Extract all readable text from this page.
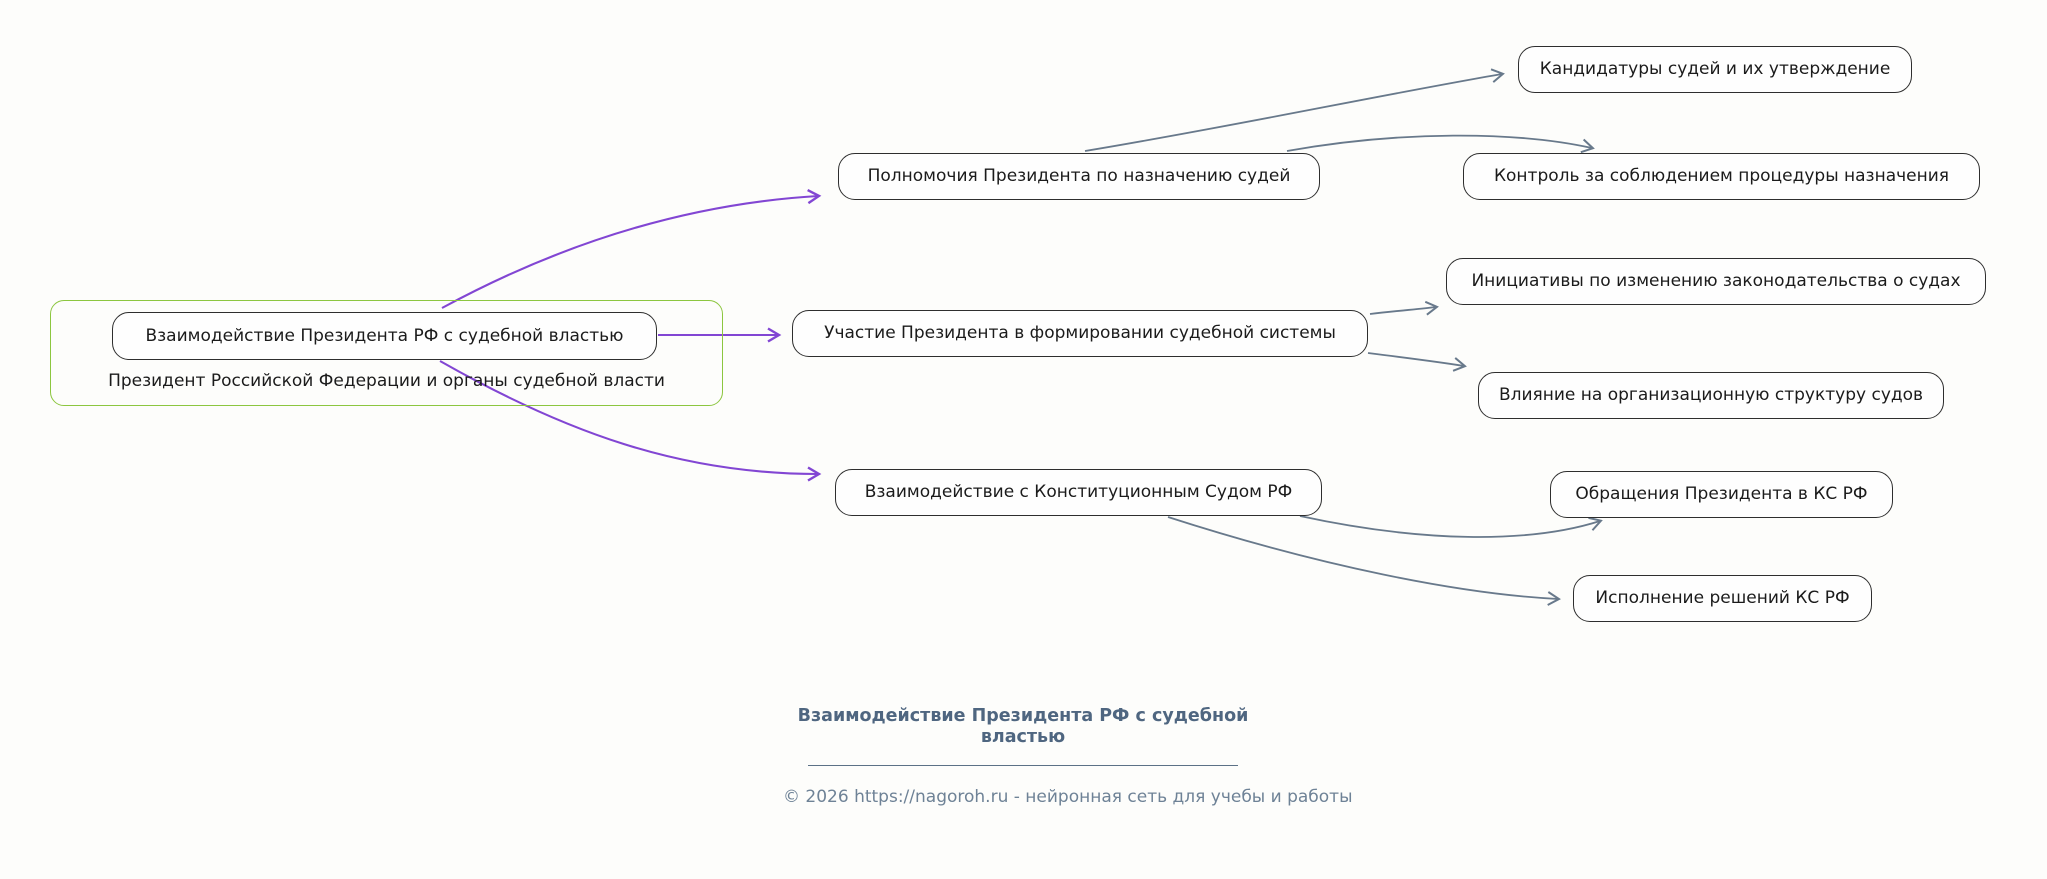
Взаимодействие Президента РФ с судебной властью
Президент Российской Федерации и органы судебной власти
Полномочия Президента по назначению судей
Участие Президента в формировании судебной системы
Взаимодействие с Конституционным Судом РФ
Кандидатуры судей и их утверждение
Контроль за соблюдением процедуры назначения
Инициативы по изменению законодательства о судах
Влияние на организационную структуру судов
Обращения Президента в КС РФ
Исполнение решений КС РФ
Взаимодействие Президента РФ с судебной властью
© 2026 https://nagoroh.ru - нейронная сеть для учебы и работы
